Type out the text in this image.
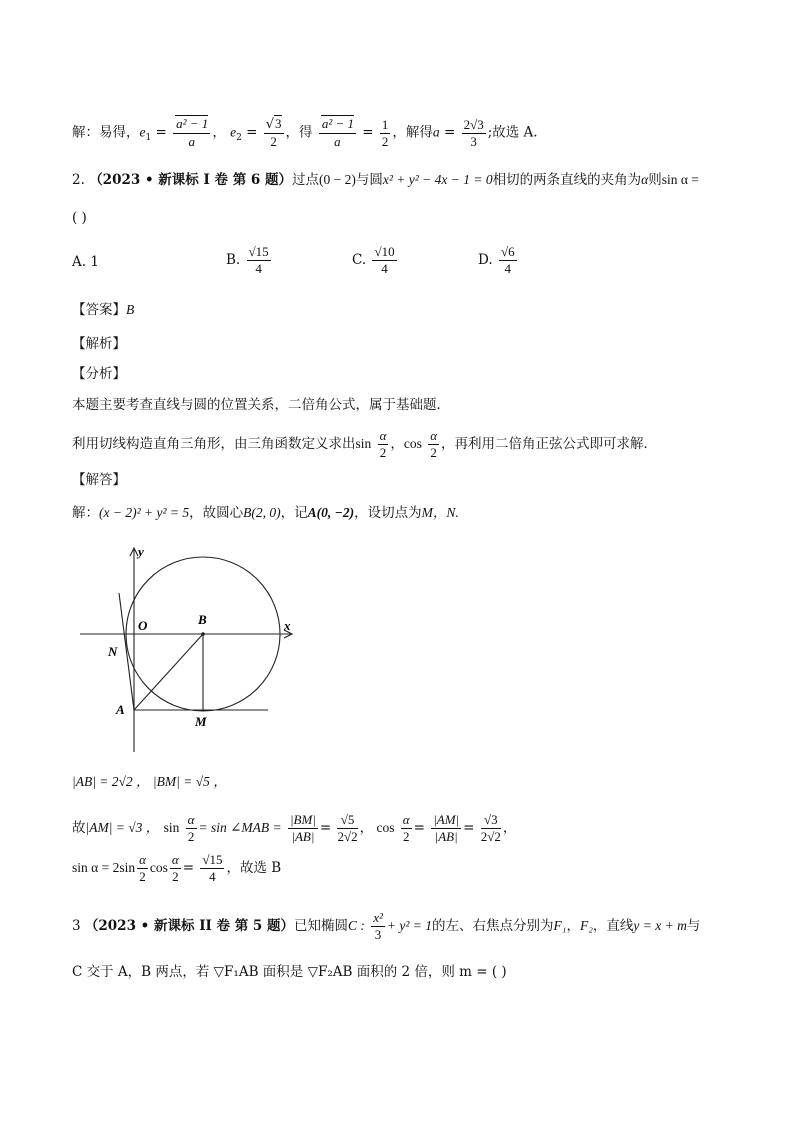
解：易得，$e_1 = \frac{\text{a² − 1}}{a}$ ， $e_2 = \frac{√3}{2}$ ，得 $\frac{\text{a² − 1}}{a} = \frac{1}{2}$ ，解得$a = \frac{2√3}{3}$ ;故选 A.
2. （2023 • 新课标 I 卷 第 6 题）过点(0 − 2)与圆x² + y² − 4x − 1 = 0相切的两条直线的夹角为α则sin α =
( )
A. 1	B. $\frac{√15}{4}$	C. $\frac{√10}{4}$	D. $\frac{√6}{4}$
【答案】B
【解析】
【分析】
本题主要考查直线与圆的位置关系，二倍角公式，属于基础题．
利用切线构造直角三角形，由三角函数定义求出$\sin \frac{\alpha}{2}$ ，$\cos \frac{\alpha}{2}$ ，再利用二倍角正弦公式即可求解．
【解答】
解：(x − 2)² + y² = 5，故圆心B(2, 0)，记A(0, −2)，设切点为M，N.
y
x
O	B
N
A
M
|AB| = 2√2 ， |BM| = √5 ，
故|AM| = √3 ， $\sin \frac{\alpha}{2} = \sin$ ∠MAB = $\frac{|BM|}{|AB|} = \frac{√5}{2√2}$ ， $\cos \frac{\alpha}{2} = \frac{|AM|}{|AB|} = \frac{√3}{2√2}$ ，
$\sin \alpha = 2\sin \frac{\alpha}{2}$ $\cos \frac{\alpha}{2} = \frac{√15}{4}$ ，故选 B
3 （2023 • 新课标 II 卷 第 5 题）已知椭圆C : $\frac{\text{x²}}{3} + y^2 = 1$的左、右焦点分别为F₁，F₂，直线y = x + m与
C 交于 A，B 两点，若 ▽F₁AB 面积是 ▽F₂AB 面积的 2 倍，则 m = ( )
